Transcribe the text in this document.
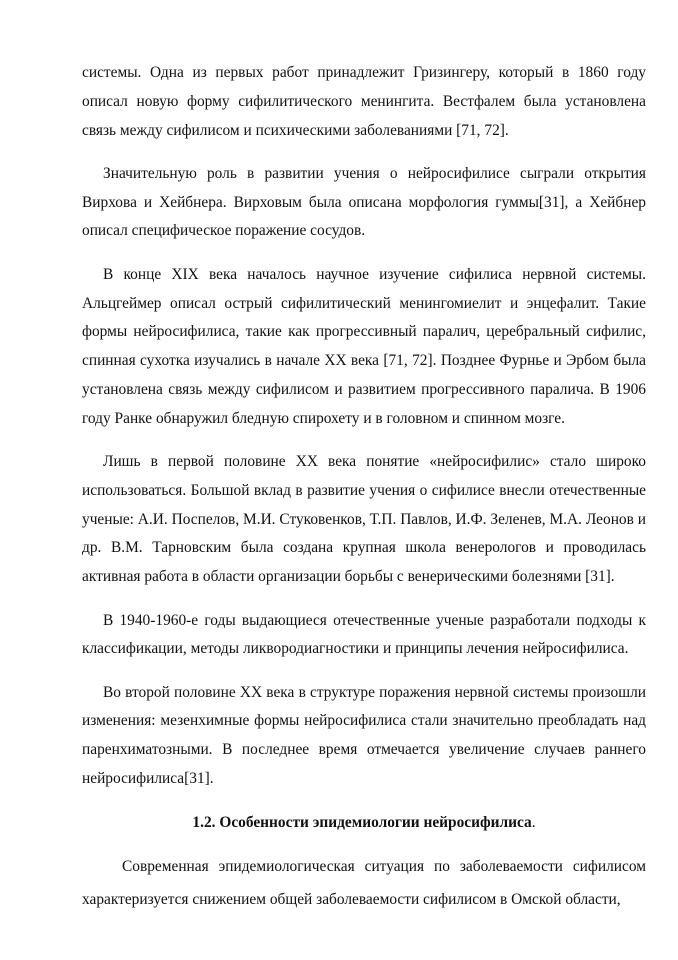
системы. Одна из первых работ принадлежит Гризингеру, который в 1860 году описал новую форму сифилитического менингита. Вестфалем была установлена связь между сифилисом и психическими заболеваниями [71, 72].

Значительную роль в развитии учения о нейросифилисе сыграли открытия Вирхова и Хейбнера. Вирховым была описана морфология гуммы[31], а Хейбнер описал специфическое поражение сосудов.

В конце XIX века началось научное изучение сифилиса нервной системы. Альцгеймер описал острый сифилитический менингомиелит и энцефалит. Такие формы нейросифилиса, такие как прогрессивный паралич, церебральный сифилис, спинная сухотка изучались в начале XX века [71, 72]. Позднее Фурнье и Эрбом была установлена связь между сифилисом и развитием прогрессивного паралича. В 1906 году Ранке обнаружил бледную спирохету и в головном и спинном мозге.

Лишь в первой половине XX века понятие «нейросифилис» стало широко использоваться. Большой вклад в развитие учения о сифилисе внесли отечественные ученые: А.И. Поспелов, М.И. Стуковенков, Т.П. Павлов, И.Ф. Зеленев, М.А. Леонов и др. В.М. Тарновским была создана крупная школа венерологов и проводилась активная работа в области организации борьбы с венерическими болезнями [31].

В 1940-1960-е годы выдающиеся отечественные ученые разработали подходы к классификации, методы ликвородиагностики и принципы лечения нейросифилиса.

Во второй половине XX века в структуре поражения нервной системы произошли изменения: мезенхимные формы нейросифилиса стали значительно преобладать над паренхиматозными. В последнее время отмечается увеличение случаев раннего нейросифилиса[31].

1.2. Особенности эпидемиологии нейросифилиса.

Современная эпидемиологическая ситуация по заболеваемости сифилисом характеризуется снижением общей заболеваемости сифилисом в Омской области,
